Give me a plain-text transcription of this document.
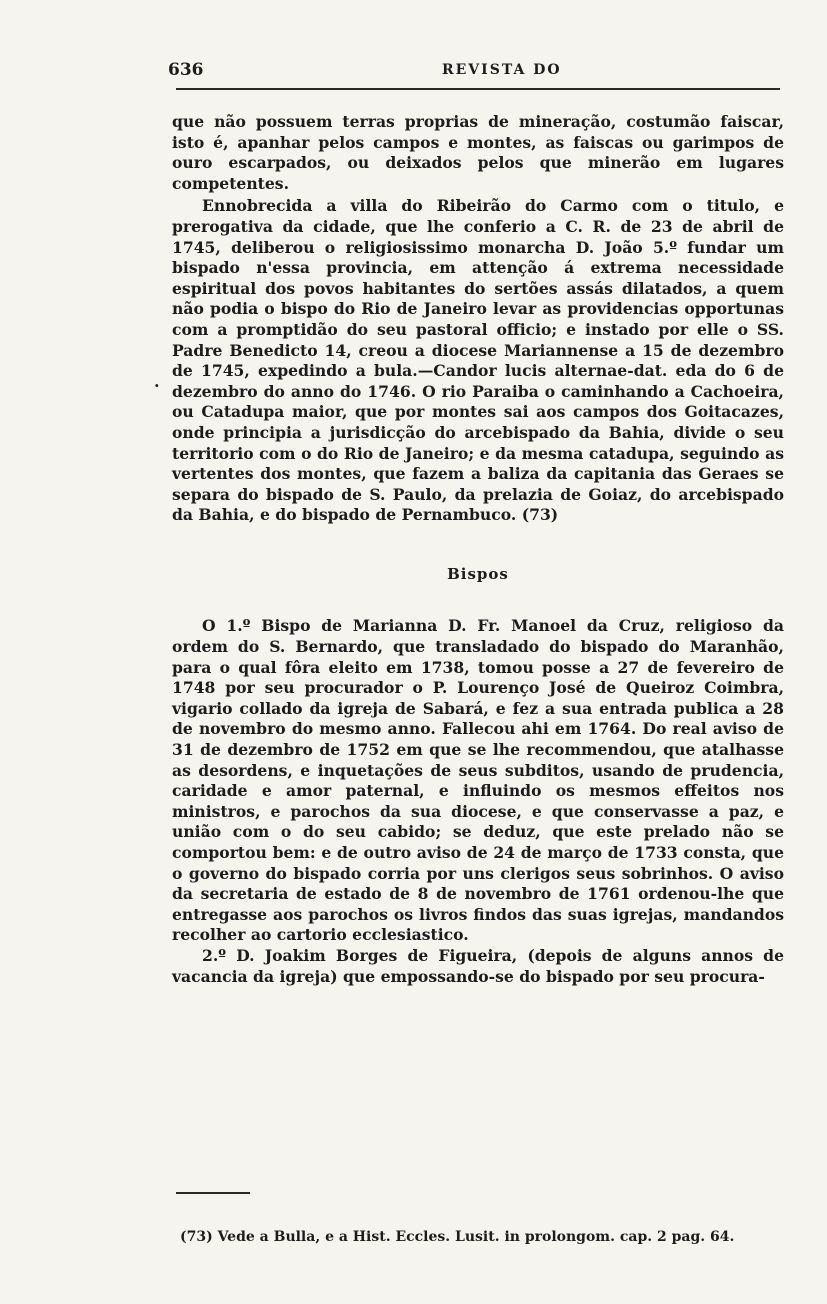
636	REVISTA DO
·

que não possuem terras proprias de mineração, costumão faiscar, isto é, apanhar pelos campos e montes, as faiscas ou garimpos de ouro escarpados, ou deixados pelos que minerão em lugares competentes.

Ennobrecida a villa do Ribeirão do Carmo com o titulo, e prerogativa da cidade, que lhe conferio a C. R. de 23 de abril de 1745, deliberou o religiosissimo monarcha D. João 5.º fundar um bispado n'essa provincia, em attenção á extrema necessidade espiritual dos povos habitantes do sertões assás dilatados, a quem não podia o bispo do Rio de Janeiro levar as providencias opportunas com a promptidão do seu pastoral officio; e instado por elle o SS. Padre Benedicto 14, creou a diocese Mariannense a 15 de dezembro de 1745, expedindo a bula.—Candor lucis alternae-dat. eda do 6 de dezembro do anno do 1746. O rio Paraiba o caminhando a Cachoeira, ou Catadupa maior, que por montes sai aos campos dos Goitacazes, onde principia a jurisdicção do arcebispado da Bahia, divide o seu territorio com o do Rio de Janeiro; e da mesma catadupa, seguindo as vertentes dos montes, que fazem a baliza da capitania das Geraes se separa do bispado de S. Paulo, da prelazia de Goiaz, do arcebispado da Bahia, e do bispado de Pernambuco. (73)

Bispos

O 1.º Bispo de Marianna D. Fr. Manoel da Cruz, religioso da ordem do S. Bernardo, que transladado do bispado do Maranhão, para o qual fôra eleito em 1738, tomou posse a 27 de fevereiro de 1748 por seu procurador o P. Lourenço José de Queiroz Coimbra, vigario collado da igreja de Sabará, e fez a sua entrada publica a 28 de novembro do mesmo anno. Fallecou ahi em 1764. Do real aviso de 31 de dezembro de 1752 em que se lhe recommendou, que atalhasse as desordens, e inquetações de seus subditos, usando de prudencia, caridade e amor paternal, e influindo os mesmos effeitos nos ministros, e parochos da sua diocese, e que conservasse a paz, e união com o do seu cabido; se deduz, que este prelado não se comportou bem: e de outro aviso de 24 de março de 1733 consta, que o governo do bispado corria por uns clerigos seus sobrinhos. O aviso da secretaria de estado de 8 de novembro de 1761 ordenou-lhe que entregasse aos parochos os livros findos das suas igrejas, mandandos recolher ao cartorio ecclesiastico.

2.º D. Joakim Borges de Figueira, (depois de alguns annos de vacancia da igreja) que empossando-se do bispado por seu procura-

(73) Vede a Bulla, e a Hist. Eccles. Lusit. in prolongom. cap. 2 pag. 64.
